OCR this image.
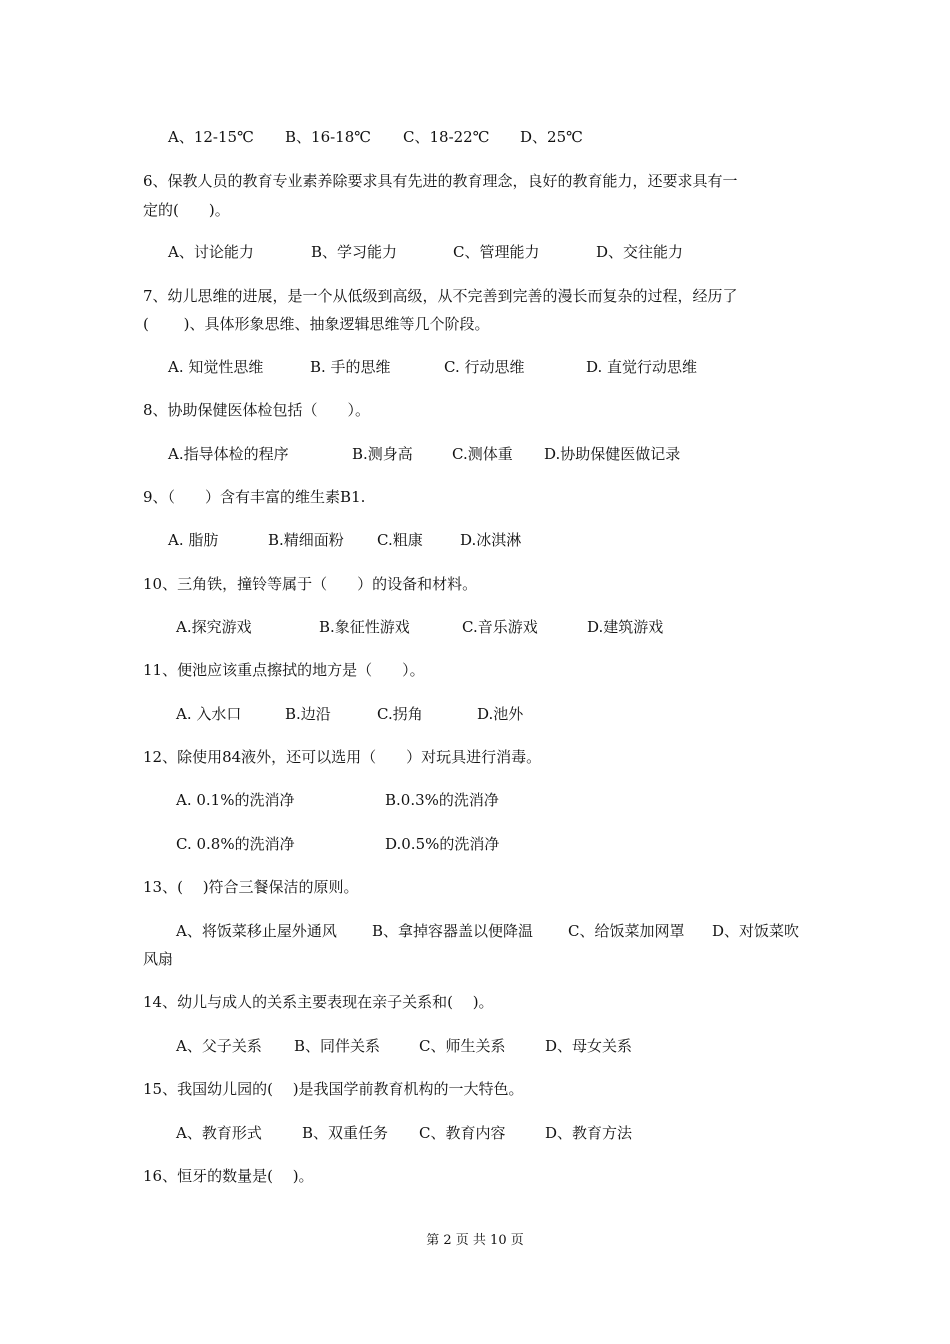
A、12-15℃ B、16-18℃ C、18-22℃ D、25℃
6、保教人员的教育专业素养除要求具有先进的教育理念，良好的教育能力，还要求具有一
定的(　　)。
A、讨论能力	B、学习能力	C、管理能力	D、交往能力
7、幼儿思维的进展，是一个从低级到高级，从不完善到完善的漫长而复杂的过程，经历了
(　　 )、具体形象思维、抽象逻辑思维等几个阶段。
A. 知觉性思维	B. 手的思维	C. 行动思维	D. 直觉行动思维
8、协助保健医体检包括（　　）。
A.指导体检的程序	B.测身高	C.测体重 D.协助保健医做记录
9、（　　）含有丰富的维生素B1.
A. 脂肪	B.精细面粉 C.粗康 D.冰淇淋
10、三角铁，撞铃等属于（　　）的设备和材料。
A.探究游戏	B.象征性游戏	C.音乐游戏	D.建筑游戏
11、便池应该重点擦拭的地方是（　　）。
A. 入水口	B.边沿	C.拐角	D.池外
12、除使用84液外，还可以选用（　　）对玩具进行消毒。
A. 0.1%的洗消净	B.0.3%的洗消净
C. 0.8%的洗消净	D.0.5%的洗消净
13、(　 )符合三餐保洁的原则。
A、将饭菜移止屋外通风 B、拿掉容器盖以便降温 C、给饭菜加网罩 D、对饭菜吹
风扇
14、幼儿与成人的关系主要表现在亲子关系和(　 )。
A、父子关系 B、同伴关系	C、师生关系	D、母女关系
15、我国幼儿园的(　 )是我国学前教育机构的一大特色。
A、教育形式	B、双重任务 C、教育内容	D、教育方法
16、恒牙的数量是(　 )。
第 2 页 共 10 页
